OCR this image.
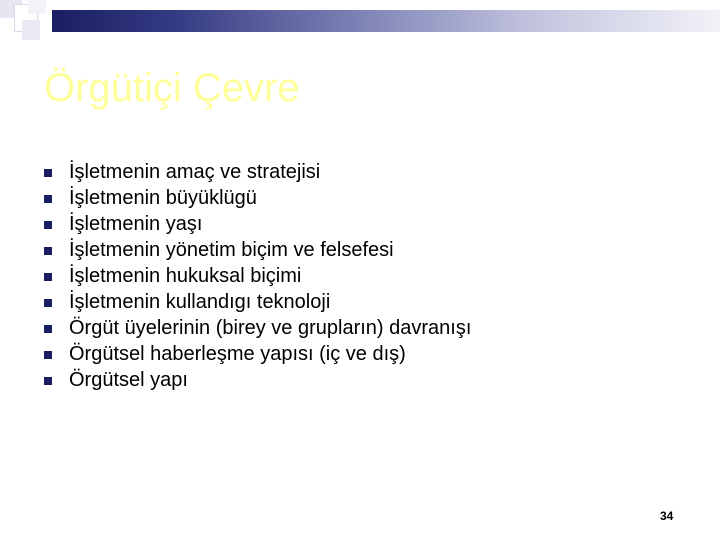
Örgütiçi Çevre
İşletmenin amaç ve stratejisi
İşletmenin büyüklügü
İşletmenin yaşı
İşletmenin yönetim biçim ve felsefesi
İşletmenin hukuksal biçimi
İşletmenin kullandıgı teknoloji
Örgüt üyelerinin (birey ve grupların) davranışı
Örgütsel haberleşme yapısı (iç ve dış)
Örgütsel yapı
34
